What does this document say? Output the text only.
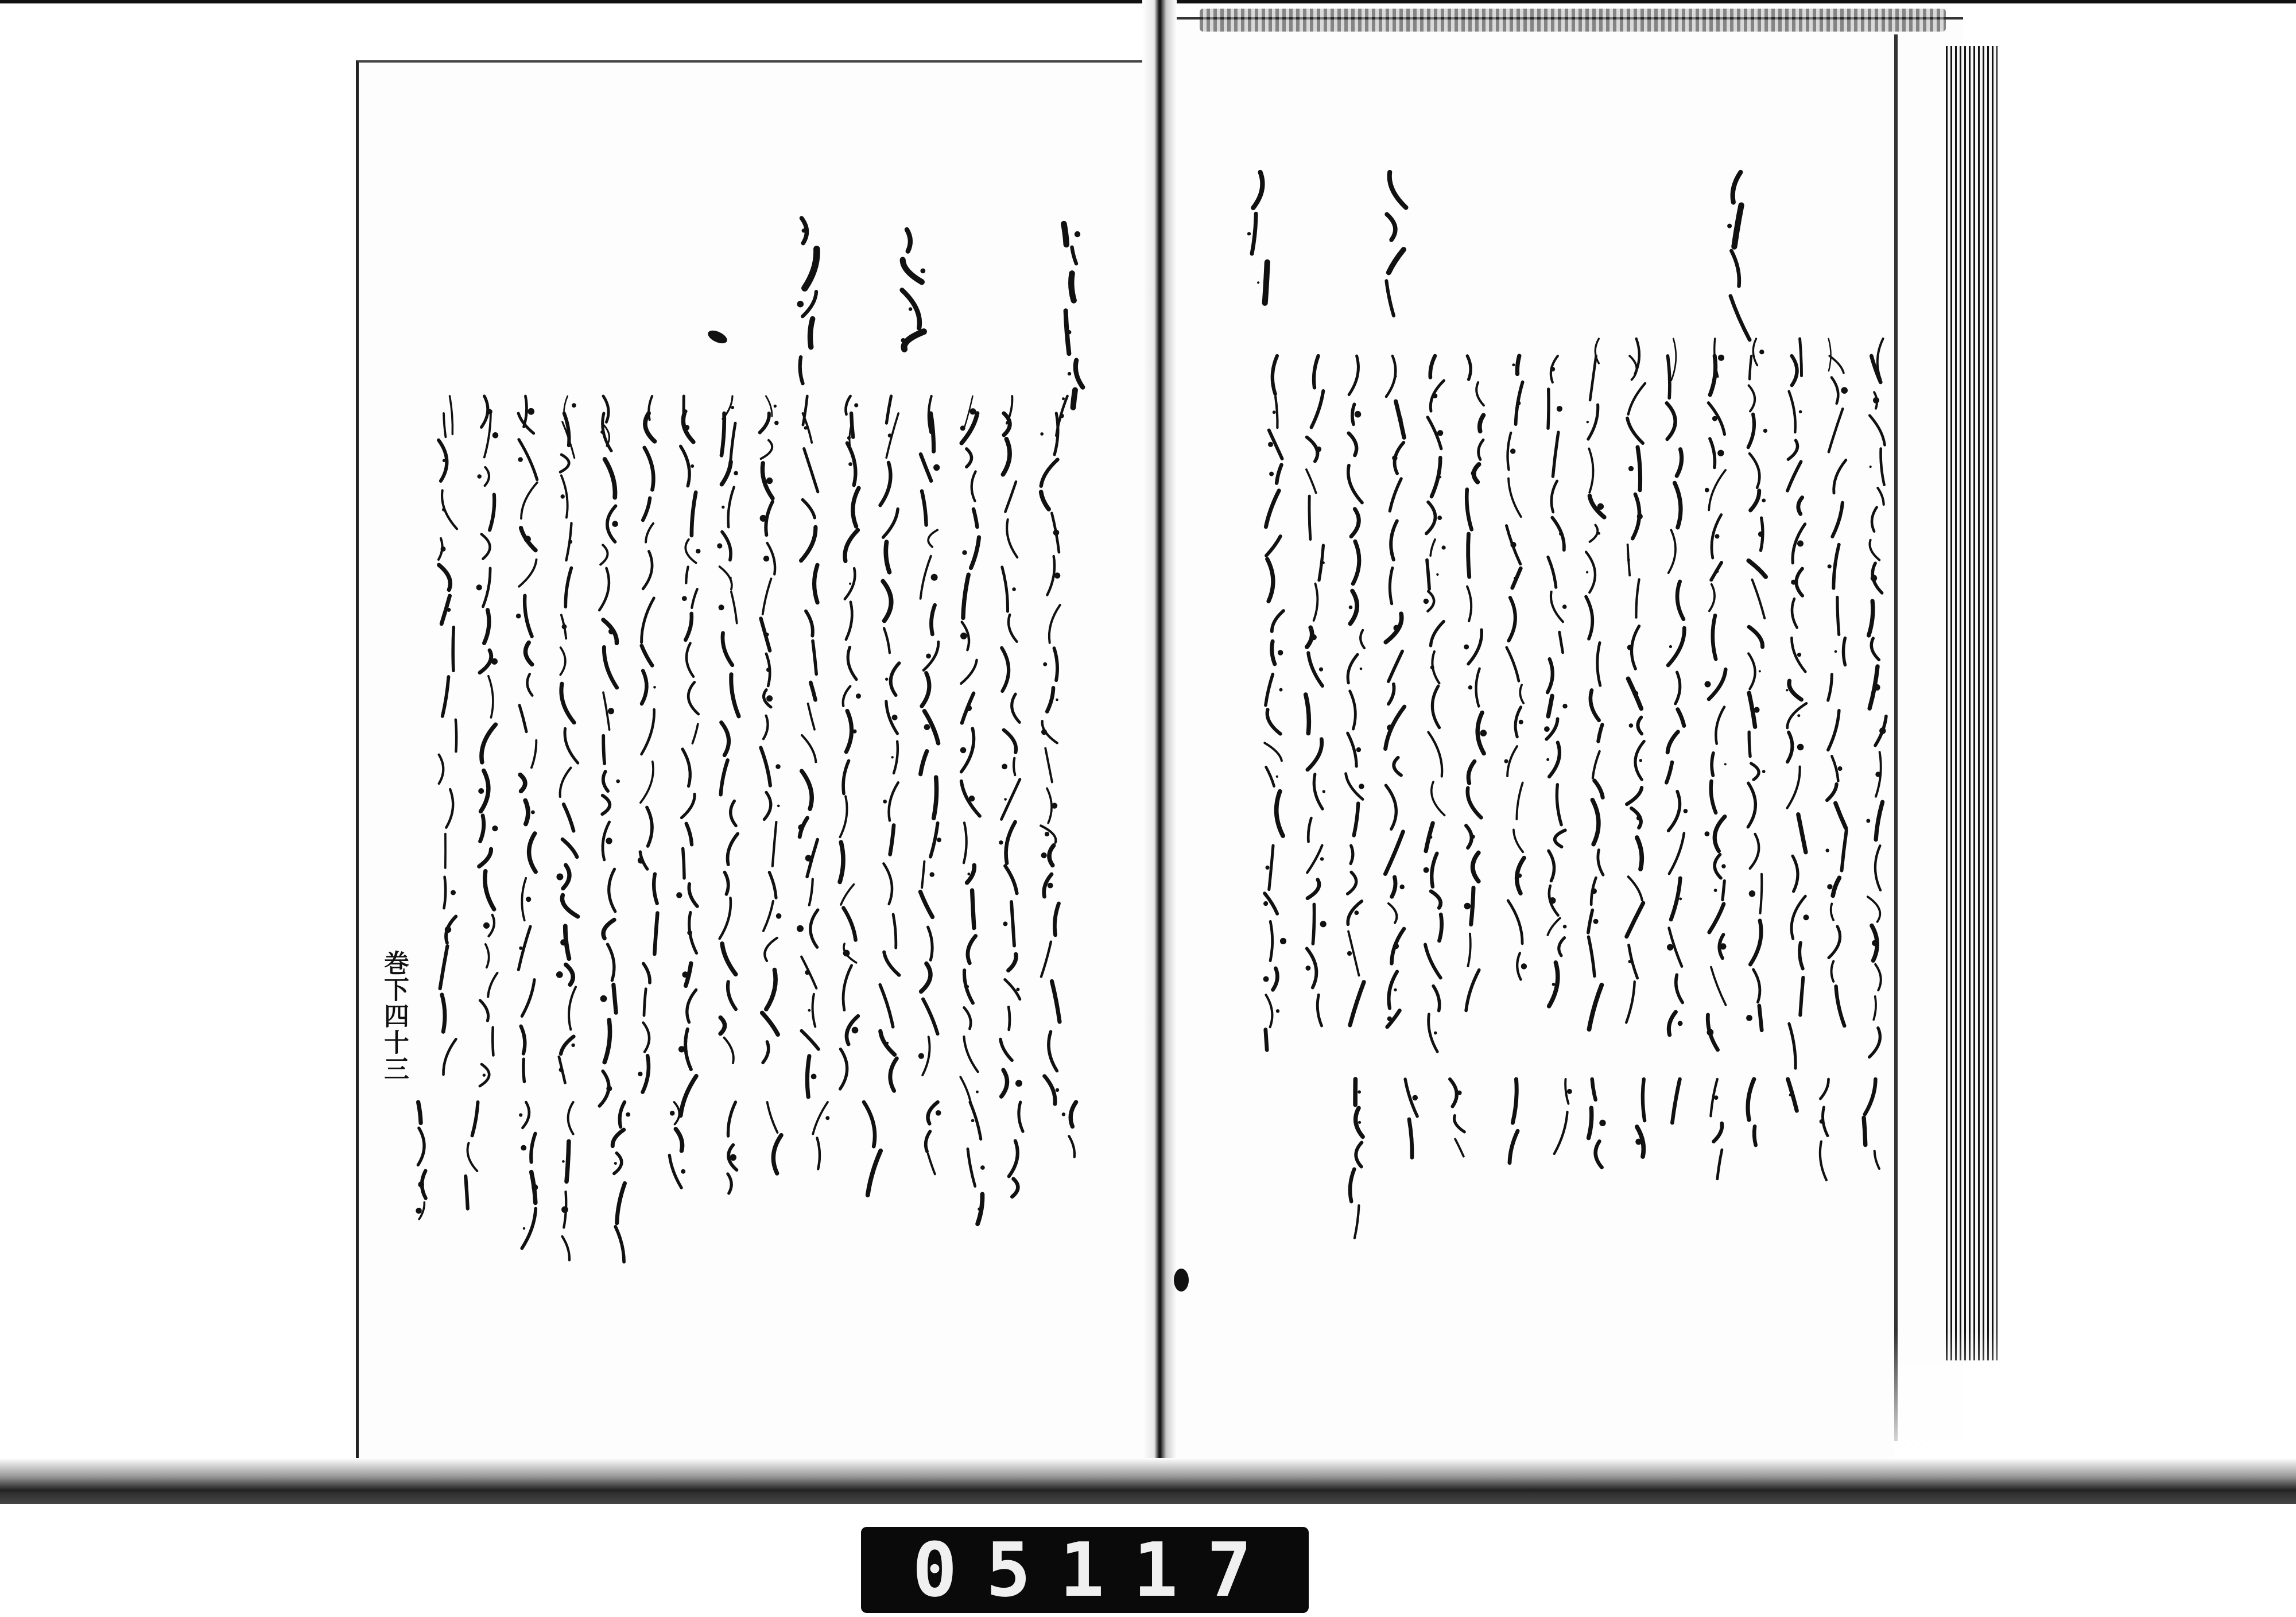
巻下四十三
05117
